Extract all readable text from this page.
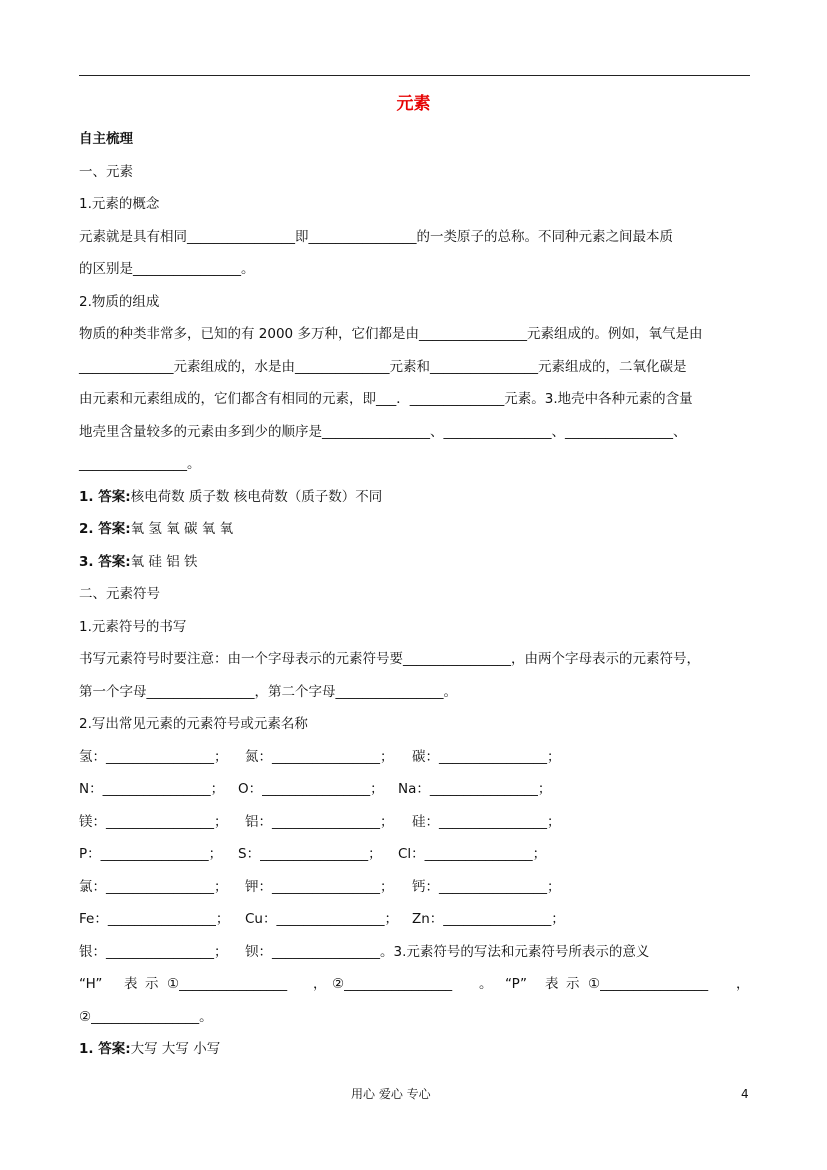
元素
自主梳理
一、元素
1.元素的概念
元素就是具有相同________________即________________的一类原子的总称。不同种元素之间最本质
的区别是________________。
2.物质的组成
物质的种类非常多，已知的有 2000 多万种，它们都是由________________元素组成的。例如，氧气是由
______________元素组成的，水是由______________元素和________________元素组成的，二氧化碳是
由元素和元素组成的，它们都含有相同的元素，即___．______________元素。3.地壳中各种元素的含量
地壳里含量较多的元素由多到少的顺序是________________、________________、________________、
________________。
1. 答案:核电荷数 质子数 核电荷数（质子数）不同
2. 答案:氧 氢 氧 碳 氧 氧
3. 答案:氧 硅 铝 铁
二、元素符号
1.元素符号的书写
书写元素符号时要注意：由一个字母表示的元素符号要________________，由两个字母表示的元素符号，
第一个字母________________，第二个字母________________。
2.写出常见元素的元素符号或元素名称
氢：________________； 氮：________________； 碳：________________；
N：________________； O：________________； Na：________________；
镁：________________； 铝：________________； 硅：________________；
P：________________； S：________________； Cl：________________；
氯：________________； 钾：________________； 钙：________________；
Fe：________________； Cu：________________； Zn：________________；
银：________________； 钡：________________。3.元素符号的写法和元素符号所表示的意义
“H” 表 示 ①________________ ， ②________________ 。 “P” 表 示 ①________________ ，
②________________。
1. 答案:大写 大写 小写
用心 爱心 专心	4
